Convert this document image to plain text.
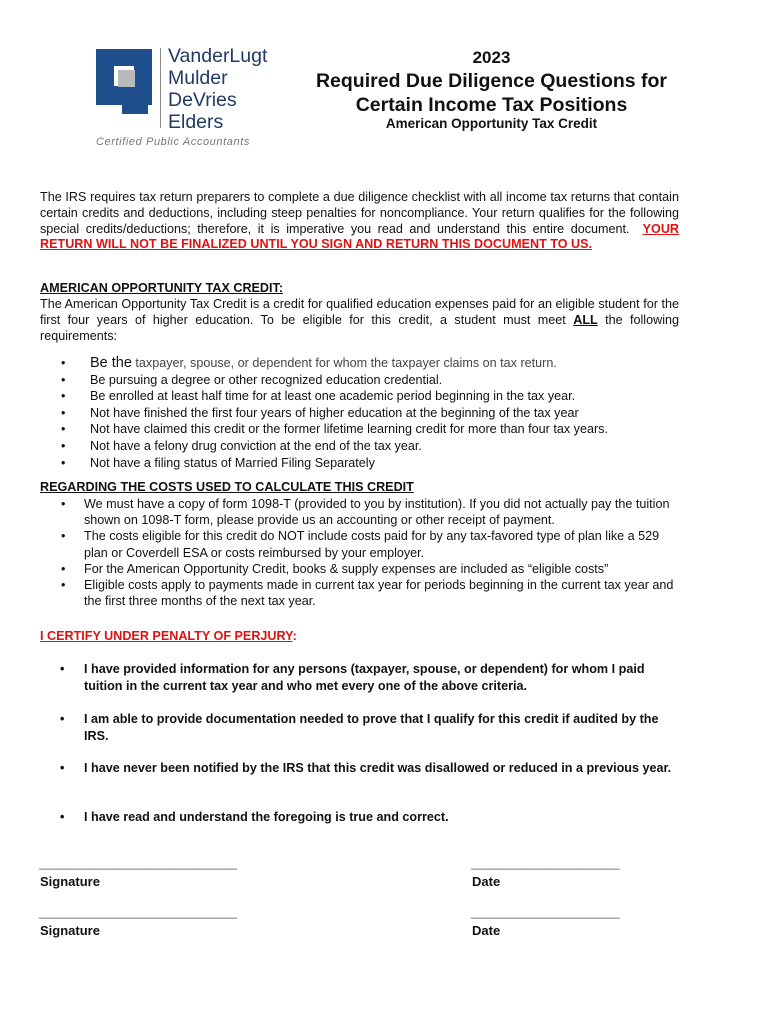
VanderLugt
Mulder
DeVries
Elders
Certified Public Accountants
2023
Required Due Diligence Questions for
Certain Income Tax Positions
American Opportunity Tax Credit
The IRS requires tax return preparers to complete a due diligence checklist with all income tax returns that contain certain credits and deductions, including steep penalties for noncompliance. Your return qualifies for the following special credits/deductions; therefore, it is imperative you read and understand this entire document. YOUR RETURN WILL NOT BE FINALIZED UNTIL YOU SIGN AND RETURN THIS DOCUMENT TO US.
AMERICAN OPPORTUNITY TAX CREDIT:
The American Opportunity Tax Credit is a credit for qualified education expenses paid for an eligible student for the first four years of higher education. To be eligible for this credit, a student must meet ALL the following requirements:
• Be the taxpayer, spouse, or dependent for whom the taxpayer claims on tax return.
• Be pursuing a degree or other recognized education credential.
• Be enrolled at least half time for at least one academic period beginning in the tax year.
• Not have finished the first four years of higher education at the beginning of the tax year
• Not have claimed this credit or the former lifetime learning credit for more than four tax years.
• Not have a felony drug conviction at the end of the tax year.
• Not have a filing status of Married Filing Separately
REGARDING THE COSTS USED TO CALCULATE THIS CREDIT
• We must have a copy of form 1098-T (provided to you by institution). If you did not actually pay the tuition shown on 1098-T form, please provide us an accounting or other receipt of payment.
• The costs eligible for this credit do NOT include costs paid for by any tax-favored type of plan like a 529 plan or Coverdell ESA or costs reimbursed by your employer.
• For the American Opportunity Credit, books & supply expenses are included as “eligible costs”
• Eligible costs apply to payments made in current tax year for periods beginning in the current tax year and the first three months of the next tax year.
I CERTIFY UNDER PENALTY OF PERJURY:
•	I have provided information for any persons (taxpayer, spouse, or dependent) for whom I paid tuition in the current tax year and who met every one of the above criteria.
•	I am able to provide documentation needed to prove that I qualify for this credit if audited by the IRS.
•	I have never been notified by the IRS that this credit was disallowed or reduced in a previous year.
•	I have read and understand the foregoing is true and correct.
________________________________
Signature
________________________
Date
________________________________
Signature
________________________
Date
